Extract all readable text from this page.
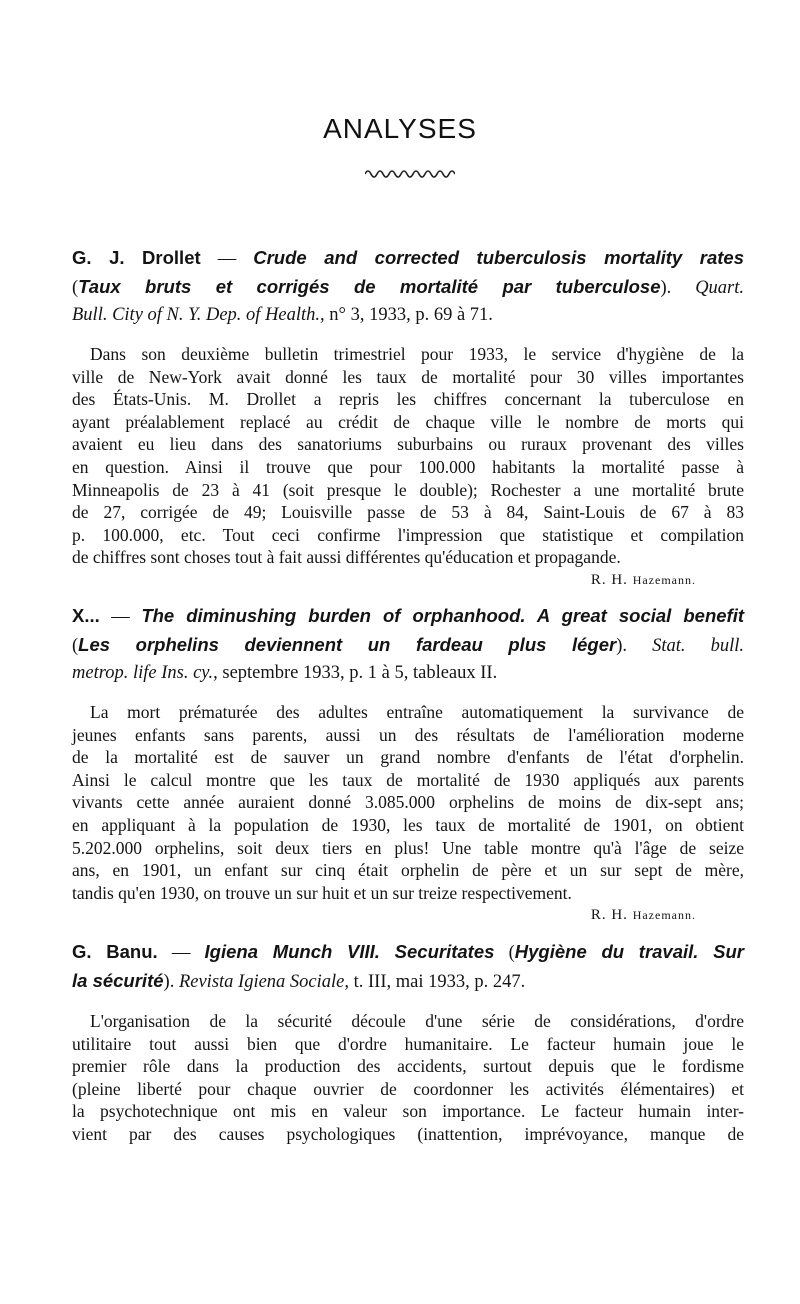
ANALYSES
G. J. Drollet — Crude and corrected tuberculosis mortality rates
(Taux bruts et corrigés de mortalité par tuberculose). Quart.
Bull. City of N. Y. Dep. of Health., n° 3, 1933, p. 69 à 71.
Dans son deuxième bulletin trimestriel pour 1933, le service d'hygiène de la
ville de New-York avait donné les taux de mortalité pour 30 villes importantes
des États-Unis. M. Drollet a repris les chiffres concernant la tuberculose en
ayant préalablement replacé au crédit de chaque ville le nombre de morts qui
avaient eu lieu dans des sanatoriums suburbains ou ruraux provenant des villes
en question. Ainsi il trouve que pour 100.000 habitants la mortalité passe à
Minneapolis de 23 à 41 (soit presque le double); Rochester a une mortalité brute
de 27, corrigée de 49; Louisville passe de 53 à 84, Saint-Louis de 67 à 83
p. 100.000, etc. Tout ceci confirme l'impression que statistique et compilation
de chiffres sont choses tout à fait aussi différentes qu'éducation et propagande.
R. H. Hazemann.
X... — The diminushing burden of orphanhood. A great social benefit
(Les orphelins deviennent un fardeau plus léger). Stat. bull.
metrop. life Ins. cy., septembre 1933, p. 1 à 5, tableaux II.
La mort prématurée des adultes entraîne automatiquement la survivance de
jeunes enfants sans parents, aussi un des résultats de l'amélioration moderne
de la mortalité est de sauver un grand nombre d'enfants de l'état d'orphelin.
Ainsi le calcul montre que les taux de mortalité de 1930 appliqués aux parents
vivants cette année auraient donné 3.085.000 orphelins de moins de dix-sept ans;
en appliquant à la population de 1930, les taux de mortalité de 1901, on obtient
5.202.000 orphelins, soit deux tiers en plus! Une table montre qu'à l'âge de seize
ans, en 1901, un enfant sur cinq était orphelin de père et un sur sept de mère,
tandis qu'en 1930, on trouve un sur huit et un sur treize respectivement.
R. H. Hazemann.
G. Banu. — Igiena Munch VIII. Securitates (Hygiène du travail. Sur
la sécurité). Revista Igiena Sociale, t. III, mai 1933, p. 247.
L'organisation de la sécurité découle d'une série de considérations, d'ordre
utilitaire tout aussi bien que d'ordre humanitaire. Le facteur humain joue le
premier rôle dans la production des accidents, surtout depuis que le fordisme
(pleine liberté pour chaque ouvrier de coordonner les activités élémentaires) et
la psychotechnique ont mis en valeur son importance. Le facteur humain inter-
vient par des causes psychologiques (inattention, imprévoyance, manque de
